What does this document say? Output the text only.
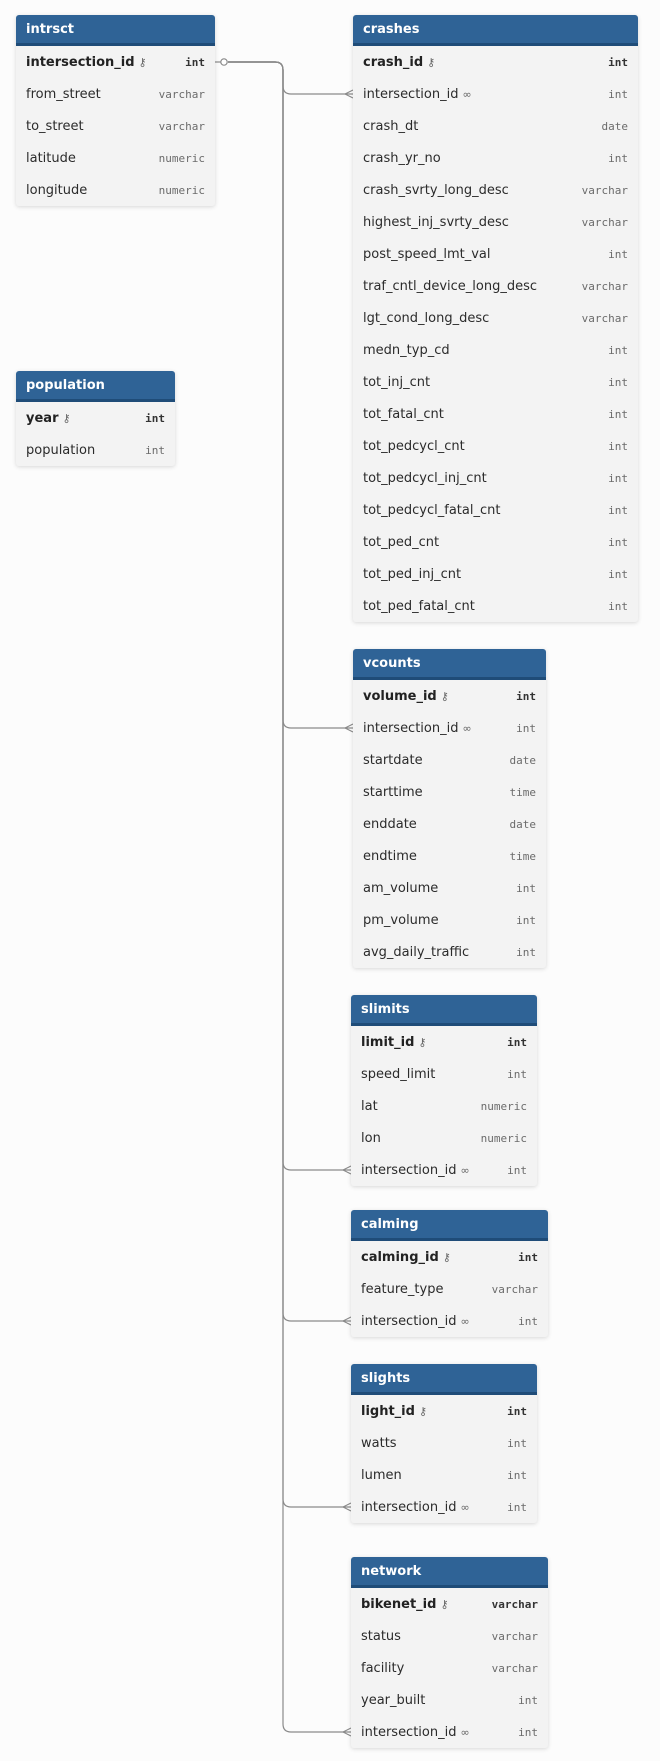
intrsct
intersection_id ⚷	int
from_street	varchar
to_street	varchar
latitude	numeric
longitude	numeric
population
year ⚷	int
population	int
crashes
crash_id ⚷	int
intersection_id ∞	int
crash_dt	date
crash_yr_no	int
crash_svrty_long_desc	varchar
highest_inj_svrty_desc	varchar
post_speed_lmt_val	int
traf_cntl_device_long_desc	varchar
lgt_cond_long_desc	varchar
medn_typ_cd	int
tot_inj_cnt	int
tot_fatal_cnt	int
tot_pedcycl_cnt	int
tot_pedcycl_inj_cnt	int
tot_pedcycl_fatal_cnt	int
tot_ped_cnt	int
tot_ped_inj_cnt	int
tot_ped_fatal_cnt	int
vcounts
volume_id ⚷	int
intersection_id ∞	int
startdate	date
starttime	time
enddate	date
endtime	time
am_volume	int
pm_volume	int
avg_daily_traffic	int
slimits
limit_id ⚷	int
speed_limit	int
lat	numeric
lon	numeric
intersection_id ∞	int
calming
calming_id ⚷	int
feature_type	varchar
intersection_id ∞	int
slights
light_id ⚷	int
watts	int
lumen	int
intersection_id ∞	int
network
bikenet_id ⚷	varchar
status	varchar
facility	varchar
year_built	int
intersection_id ∞	int
